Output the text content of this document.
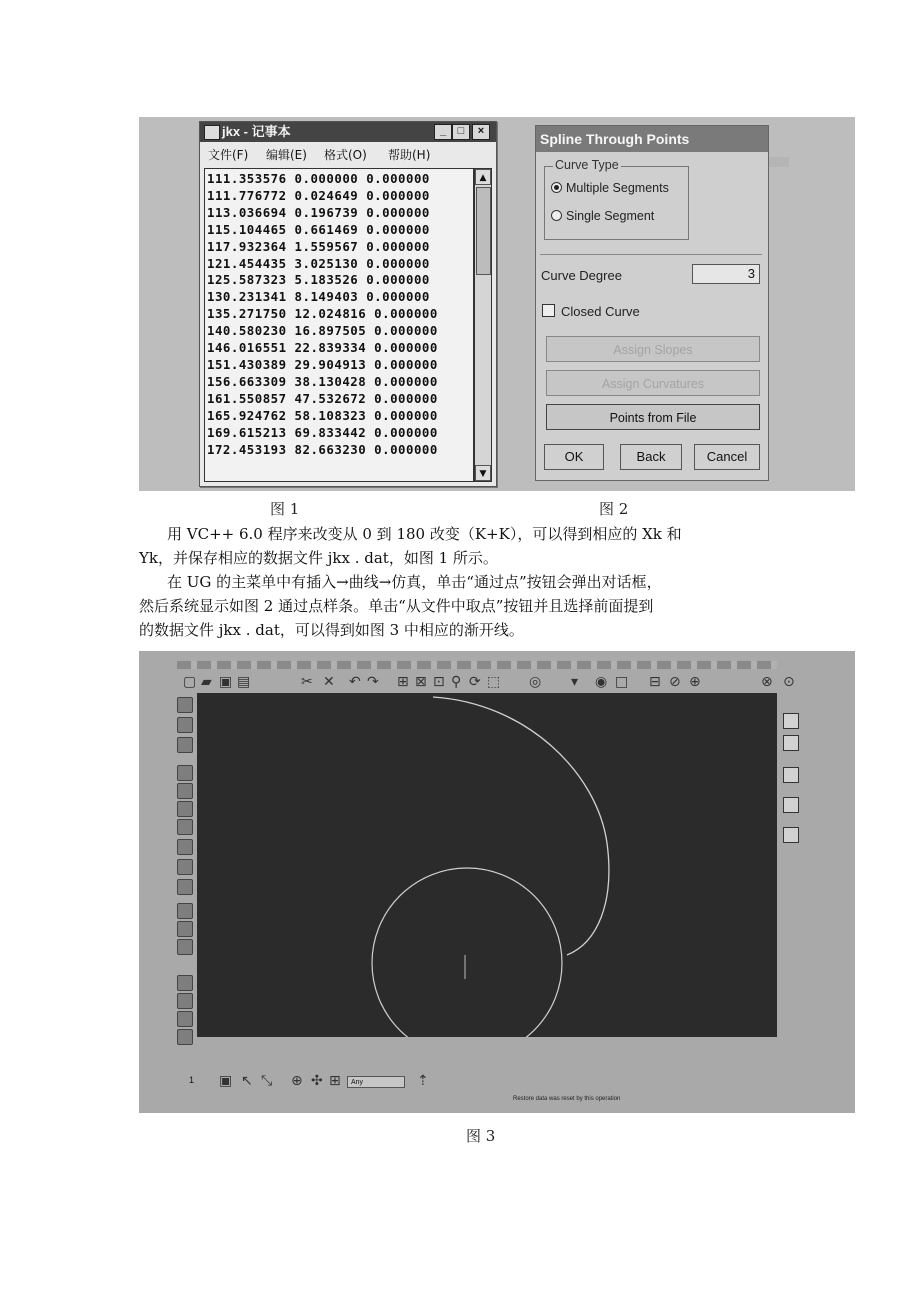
jkx - 记事本	_	□	×
文件(F) 编辑(E) 格式(O) 帮助(H)
111.353576 0.000000 0.000000
111.776772 0.024649 0.000000
113.036694 0.196739 0.000000
115.104465 0.661469 0.000000
117.932364 1.559567 0.000000
121.454435 3.025130 0.000000
125.587323 5.183526 0.000000
130.231341 8.149403 0.000000
135.271750 12.024816 0.000000
140.580230 16.897505 0.000000
146.016551 22.839334 0.000000
151.430389 29.904913 0.000000
156.663309 38.130428 0.000000
161.550857 47.532672 0.000000
165.924762 58.108323 0.000000
169.615213 69.833442 0.000000
172.453193 82.663230 0.000000
▲
▼
Spline Through Points
Curve Type
Multiple Segments
Single Segment
Curve Degree	3
Closed Curve
Assign Slopes
Assign Curvatures
Points from File
OK	Back	Cancel
图 1	图 2
用 VC++ 6.0 程序来改变从 0 到 180 改变（K+K），可以得到相应的 Xk 和
Yk，并保存相应的数据文件 jkx . dat，如图 1 所示。
在 UG 的主菜单中有插入→曲线→仿真，单击“通过点”按钮会弹出对话框，
然后系统显示如图 2 通过点样条。单击“从文件中取点”按钮并且选择前面提到
的数据文件 jkx . dat，可以得到如图 3 中相应的渐开线。
▢ ▰ ▣ ▤	✂ ✕ ↶ ↷ ⊞ ⊠ ⊡ ⚲ ⟳ ⬚ ◎ ▾ ◉ □ ⊟ ⊘ ⊕	⊗ ⊙
1 ▣ ↖ ⤡ ⊕ ✣ ⊞	Any	⇡
Restore data was reset by this operation
图 3
